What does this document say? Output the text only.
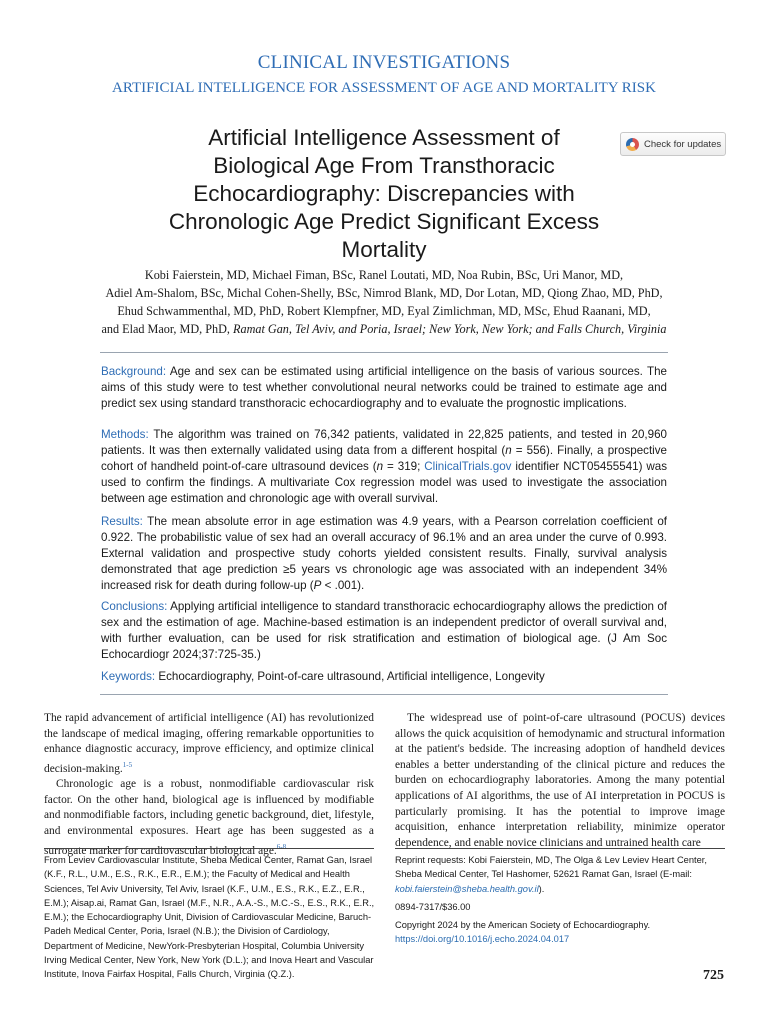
CLINICAL INVESTIGATIONS
ARTIFICIAL INTELLIGENCE FOR ASSESSMENT OF AGE AND MORTALITY RISK
Artificial Intelligence Assessment of
Biological Age From Transthoracic
Echocardiography: Discrepancies with
Chronologic Age Predict Significant Excess
Mortality
Check for updates
Kobi Faierstein, MD, Michael Fiman, BSc, Ranel Loutati, MD, Noa Rubin, BSc, Uri Manor, MD,
Adiel Am-Shalom, BSc, Michal Cohen-Shelly, BSc, Nimrod Blank, MD, Dor Lotan, MD, Qiong Zhao, MD, PhD,
Ehud Schwammenthal, MD, PhD, Robert Klempfner, MD, Eyal Zimlichman, MD, MSc, Ehud Raanani, MD,
and Elad Maor, MD, PhD, Ramat Gan, Tel Aviv, and Poria, Israel; New York, New York; and Falls Church, Virginia
Background: Age and sex can be estimated using artificial intelligence on the basis of various sources. The aims of this study were to test whether convolutional neural networks could be trained to estimate age and predict sex using standard transthoracic echocardiography and to evaluate the prognostic implications.
Methods: The algorithm was trained on 76,342 patients, validated in 22,825 patients, and tested in 20,960 patients. It was then externally validated using data from a different hospital (n = 556). Finally, a prospective cohort of handheld point-of-care ultrasound devices (n = 319; ClinicalTrials.gov identifier NCT05455541) was used to confirm the findings. A multivariate Cox regression model was used to investigate the association between age estimation and chronologic age with overall survival.
Results: The mean absolute error in age estimation was 4.9 years, with a Pearson correlation coefficient of 0.922. The probabilistic value of sex had an overall accuracy of 96.1% and an area under the curve of 0.993. External validation and prospective study cohorts yielded consistent results. Finally, survival analysis demonstrated that age prediction ≥5 years vs chronologic age was associated with an independent 34% increased risk for death during follow-up (P < .001).
Conclusions: Applying artificial intelligence to standard transthoracic echocardiography allows the prediction of sex and the estimation of age. Machine-based estimation is an independent predictor of overall survival and, with further evaluation, can be used for risk stratification and estimation of biological age. (J Am Soc Echocardiogr 2024;37:725-35.)
Keywords: Echocardiography, Point-of-care ultrasound, Artificial intelligence, Longevity

The rapid advancement of artificial intelligence (AI) has revolutionized the landscape of medical imaging, offering remarkable opportunities to enhance diagnostic accuracy, improve efficiency, and optimize clinical decision-making.$^{1-5}$

Chronologic age is a robust, nonmodifiable cardiovascular risk factor. On the other hand, biological age is influenced by modifiable and nonmodifiable factors, including genetic background, diet, lifestyle, and environmental exposures. Heart age has been suggested as a surrogate marker for cardiovascular biological age.$^{6-8}$

The widespread use of point-of-care ultrasound (POCUS) devices allows the quick acquisition of hemodynamic and structural information at the patient's bedside. The increasing adoption of handheld devices enables a better understanding of the clinical picture and reduces the burden on echocardiography laboratories. Among the many potential applications of AI algorithms, the use of AI interpretation in POCUS is particularly promising. It has the potential to improve image acquisition, enhance interpretation reliability, minimize operator dependence, and enable novice clinicians and untrained health care

From Leviev Cardiovascular Institute, Sheba Medical Center, Ramat Gan, Israel (K.F., R.L., U.M., E.S., R.K., E.R., E.M.); the Faculty of Medical and Health Sciences, Tel Aviv University, Tel Aviv, Israel (K.F., U.M., E.S., R.K., E.Z., E.R., E.M.); Aisap.ai, Ramat Gan, Israel (M.F., N.R., A.A.-S., M.C.-S., E.S., R.K., E.R., E.M.); the Echocardiography Unit, Division of Cardiovascular Medicine, Baruch-Padeh Medical Center, Poria, Israel (N.B.); the Division of Cardiology, Department of Medicine, NewYork-Presbyterian Hospital, Columbia University Irving Medical Center, New York, New York (D.L.); and Inova Heart and Vascular Institute, Inova Fairfax Hospital, Falls Church, Virginia (Q.Z.).

Reprint requests: Kobi Faierstein, MD, The Olga & Lev Leviev Heart Center, Sheba Medical Center, Tel Hashomer, 52621 Ramat Gan, Israel (E-mail: kobi.faierstein@sheba.health.gov.il).

0894-7317/$36.00

Copyright 2024 by the American Society of Echocardiography.

https://doi.org/10.1016/j.echo.2024.04.017

725
